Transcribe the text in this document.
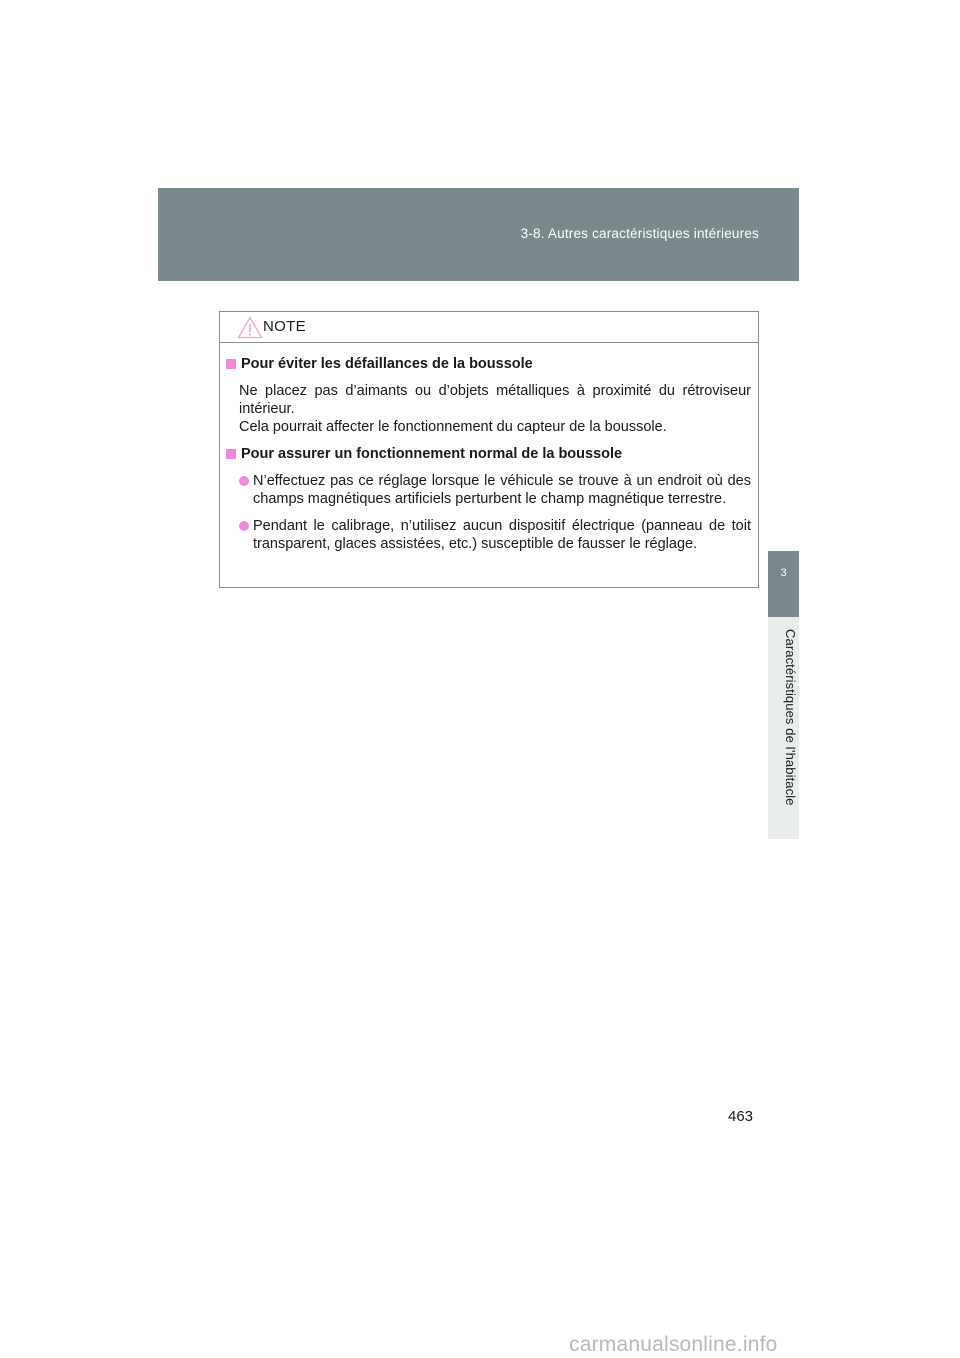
3-8. Autres caractéristiques intérieures
3
Caractéristiques de l’habitacle
NOTE
Pour éviter les défaillances de la boussole
Ne placez pas d’aimants ou d’objets métalliques à proximité du rétroviseur intérieur.
Cela pourrait affecter le fonctionnement du capteur de la boussole.
Pour assurer un fonctionnement normal de la boussole
N’effectuez pas ce réglage lorsque le véhicule se trouve à un endroit où des champs magnétiques artificiels perturbent le champ magnétique terrestre.
Pendant le calibrage, n’utilisez aucun dispositif électrique (panneau de toit transparent, glaces assistées, etc.) susceptible de fausser le réglage.
463
carmanualsonline.info
